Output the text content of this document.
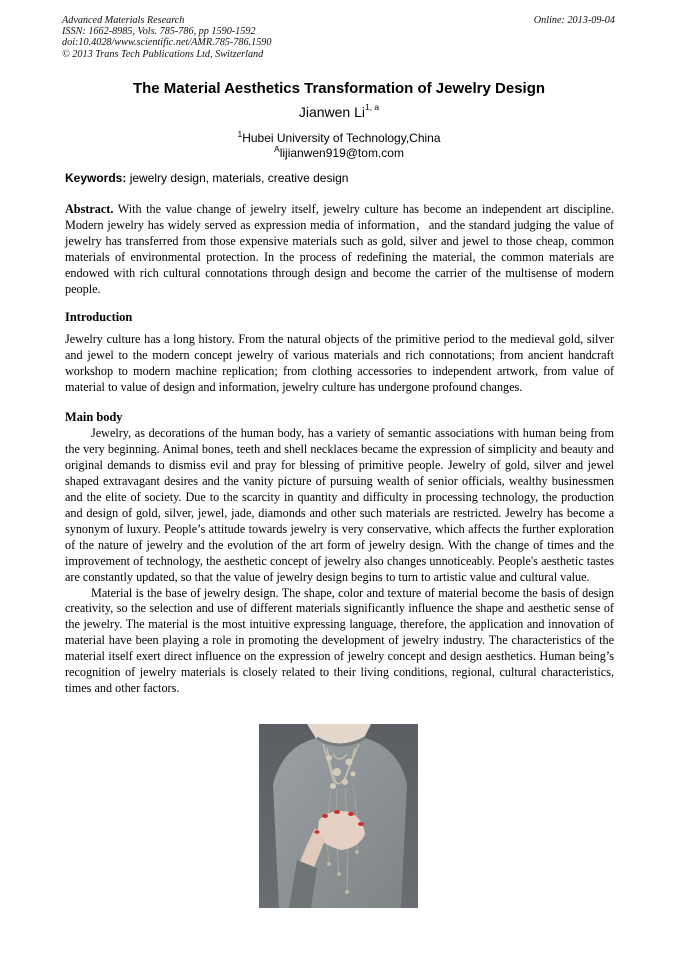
Advanced Materials Research
ISSN: 1662-8985, Vols. 785-786, pp 1590-1592
doi:10.4028/www.scientific.net/AMR.785-786.1590
© 2013 Trans Tech Publications Ltd, Switzerland
Online: 2013-09-04
The Material Aesthetics Transformation of Jewelry Design
Jianwen Li$^{1, a}$
$^1$Hubei University of Technology,China
$^A$lijianwen919@tom.com
Keywords: jewelry design, materials, creative design

Abstract. With the value change of jewelry itself, jewelry culture has become an independent art discipline. Modern jewelry has widely served as expression media of information，and the standard judging the value of jewelry has transferred from those expensive materials such as gold, silver and jewel to those cheap, common materials of environmental protection. In the process of redefining the material, the common materials are endowed with rich cultural connotations through design and become the carrier of the multisense of modern people.

Introduction

Jewelry culture has a long history. From the natural objects of the primitive period to the medieval gold, silver and jewel to the modern concept jewelry of various materials and rich connotations; from ancient handcraft workshop to modern machine replication; from clothing accessories to independent artwork, from value of material to value of design and information, jewelry culture has undergone profound changes.

Main body

Jewelry, as decorations of the human body, has a variety of semantic associations with human being from the very beginning. Animal bones, teeth and shell necklaces became the expression of simplicity and beauty and original demands to dismiss evil and pray for blessing of primitive people. Jewelry of gold, silver and jewel shaped extravagant desires and the vanity picture of pursuing wealth of senior officials, wealthy businessmen and the elite of society. Due to the scarcity in quantity and difficulty in processing technology, the production and design of gold, silver, jewel, jade, diamonds and other such materials are restricted. Jewelry has become a synonym of luxury. People’s attitude towards jewelry is very conservative, which affects the further exploration of the nature of jewelry and the evolution of the art form of jewelry design. With the change of times and the improvement of technology, the aesthetic concept of jewelry also changes unnoticeably. People's aesthetic tastes are constantly updated, so that the value of jewelry design begins to turn to artistic value and cultural value.

Material is the base of jewelry design. The shape, color and texture of material become the basis of design creativity, so the selection and use of different materials significantly influence the shape and aesthetic sense of the jewelry. The material is the most intuitive expressing language, therefore, the application and innovation of material have been playing a role in promoting the development of jewelry industry. The characteristics of the material itself exert direct influence on the expression of jewelry concept and design aesthetics. Human being’s recognition of jewelry materials is closely related to their living conditions, regional, cultural characteristics, times and other factors.
